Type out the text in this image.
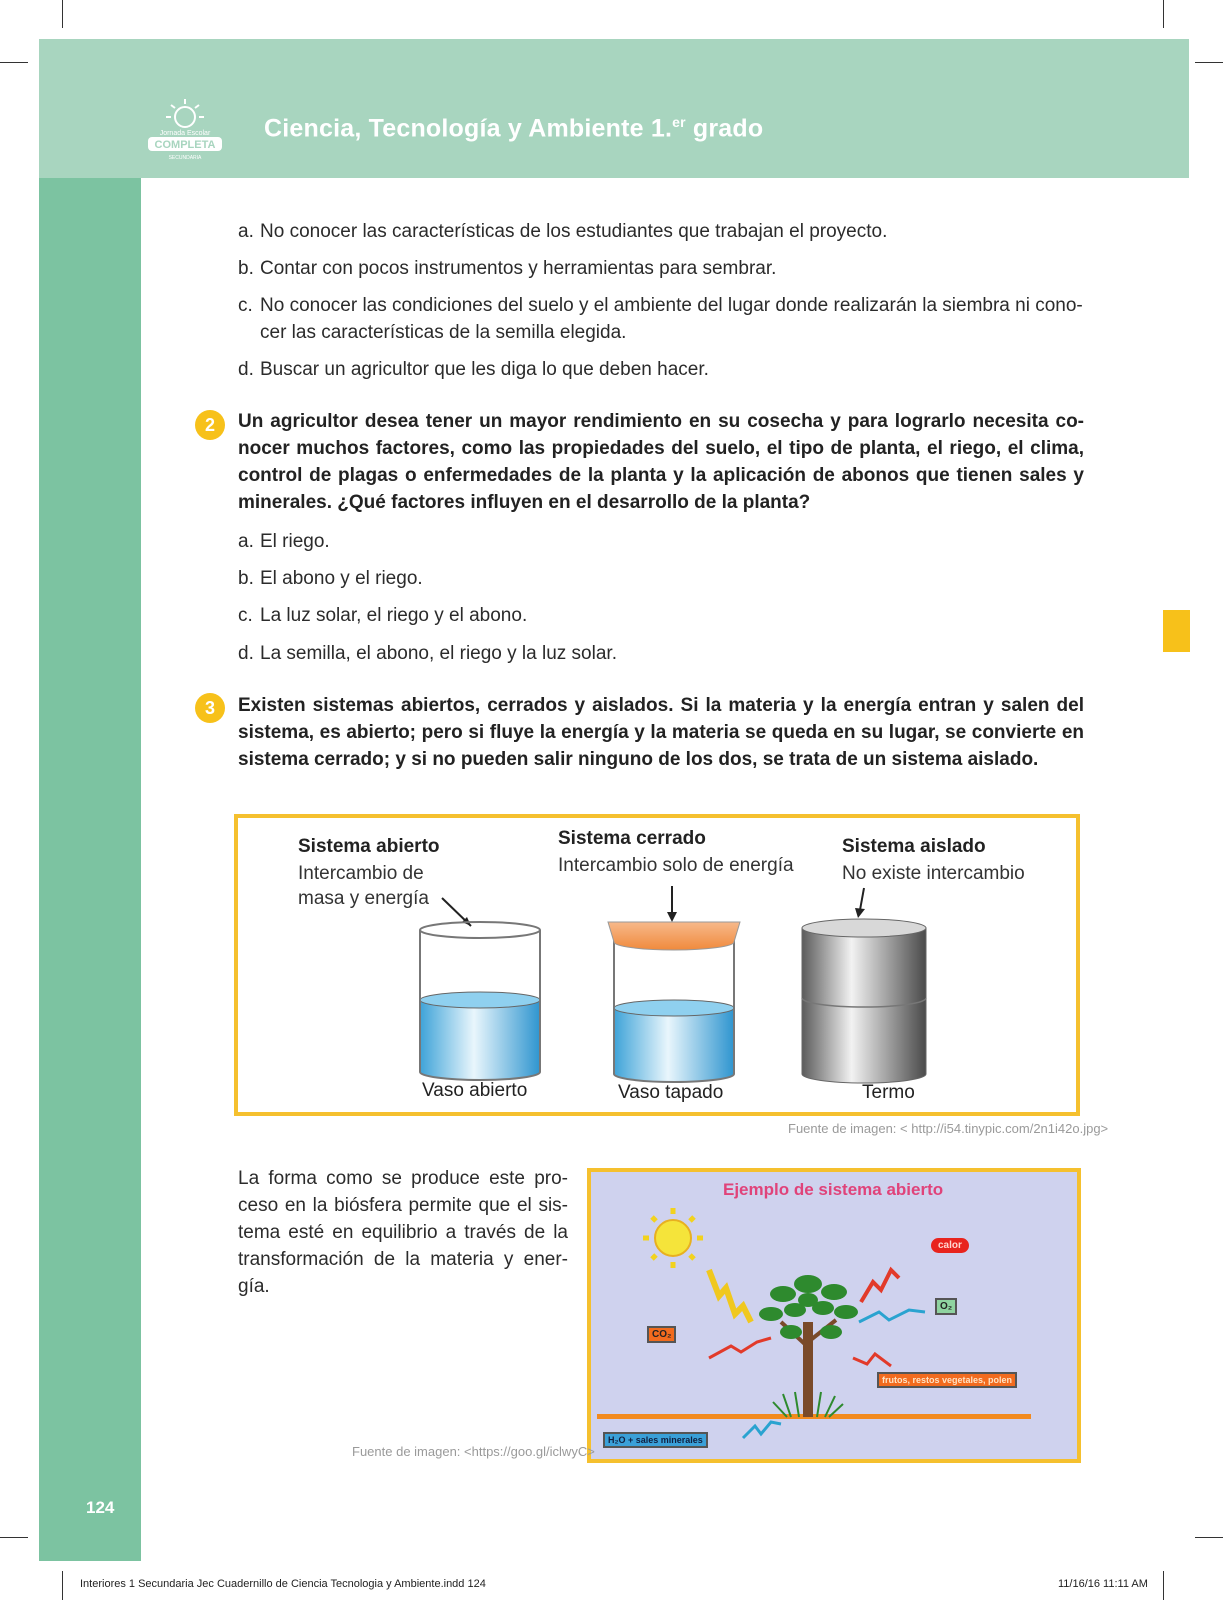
COMPLETA
Jornada Escolar
SECUNDARIA
Ciencia, Tecnología y Ambiente 1.$^{er}$ grado
a. No conocer las características de los estudiantes que trabajan el proyecto.
b. Contar con pocos instrumentos y herramientas para sembrar.
c. No conocer las condiciones del suelo y el ambiente del lugar donde realizarán la siembra ni cono-
cer las características de la semilla elegida.
d. Buscar un agricultor que les diga lo que deben hacer.
2	Un agricultor desea tener un mayor rendimiento en su cosecha y para lograrlo necesita co-nocer muchos factores, como las propiedades del suelo, el tipo de planta, el riego, el clima, control de plagas o enfermedades de la planta y la aplicación de abonos que tienen sales y minerales. ¿Qué factores influyen en el desarrollo de la planta?
a. El riego.
b. El abono y el riego.
c. La luz solar, el riego y el abono.
d. La semilla, el abono, el riego y la luz solar.
3	Existen sistemas abiertos, cerrados y aislados. Si la materia y la energía entran y salen del sistema, es abierto; pero si fluye la energía y la materia se queda en su lugar, se convierte en sistema cerrado; y si no pueden salir ninguno de los dos, se trata de un sistema aislado.
Sistema abierto
Intercambio de
masa y energía
Sistema cerrado
Intercambio solo de energía
Sistema aislado
No existe intercambio
Vaso abierto	Vaso tapado	Termo
Fuente de imagen: < http://i54.tinypic.com/2n1i42o.jpg>
La forma como se produce este pro-ceso en la biósfera permite que el sis-tema esté en equilibrio a través de la transformación de la materia y ener-gía.
Ejemplo de sistema abierto
calor
O₂
CO₂
frutos, restos vegetales, polen
H₂O + sales minerales
Fuente de imagen: <https://goo.gl/iclwyC>
124
Interiores 1 Secundaria Jec Cuadernillo de Ciencia Tecnologia y Ambiente.indd 124	11/16/16 11:11 AM
